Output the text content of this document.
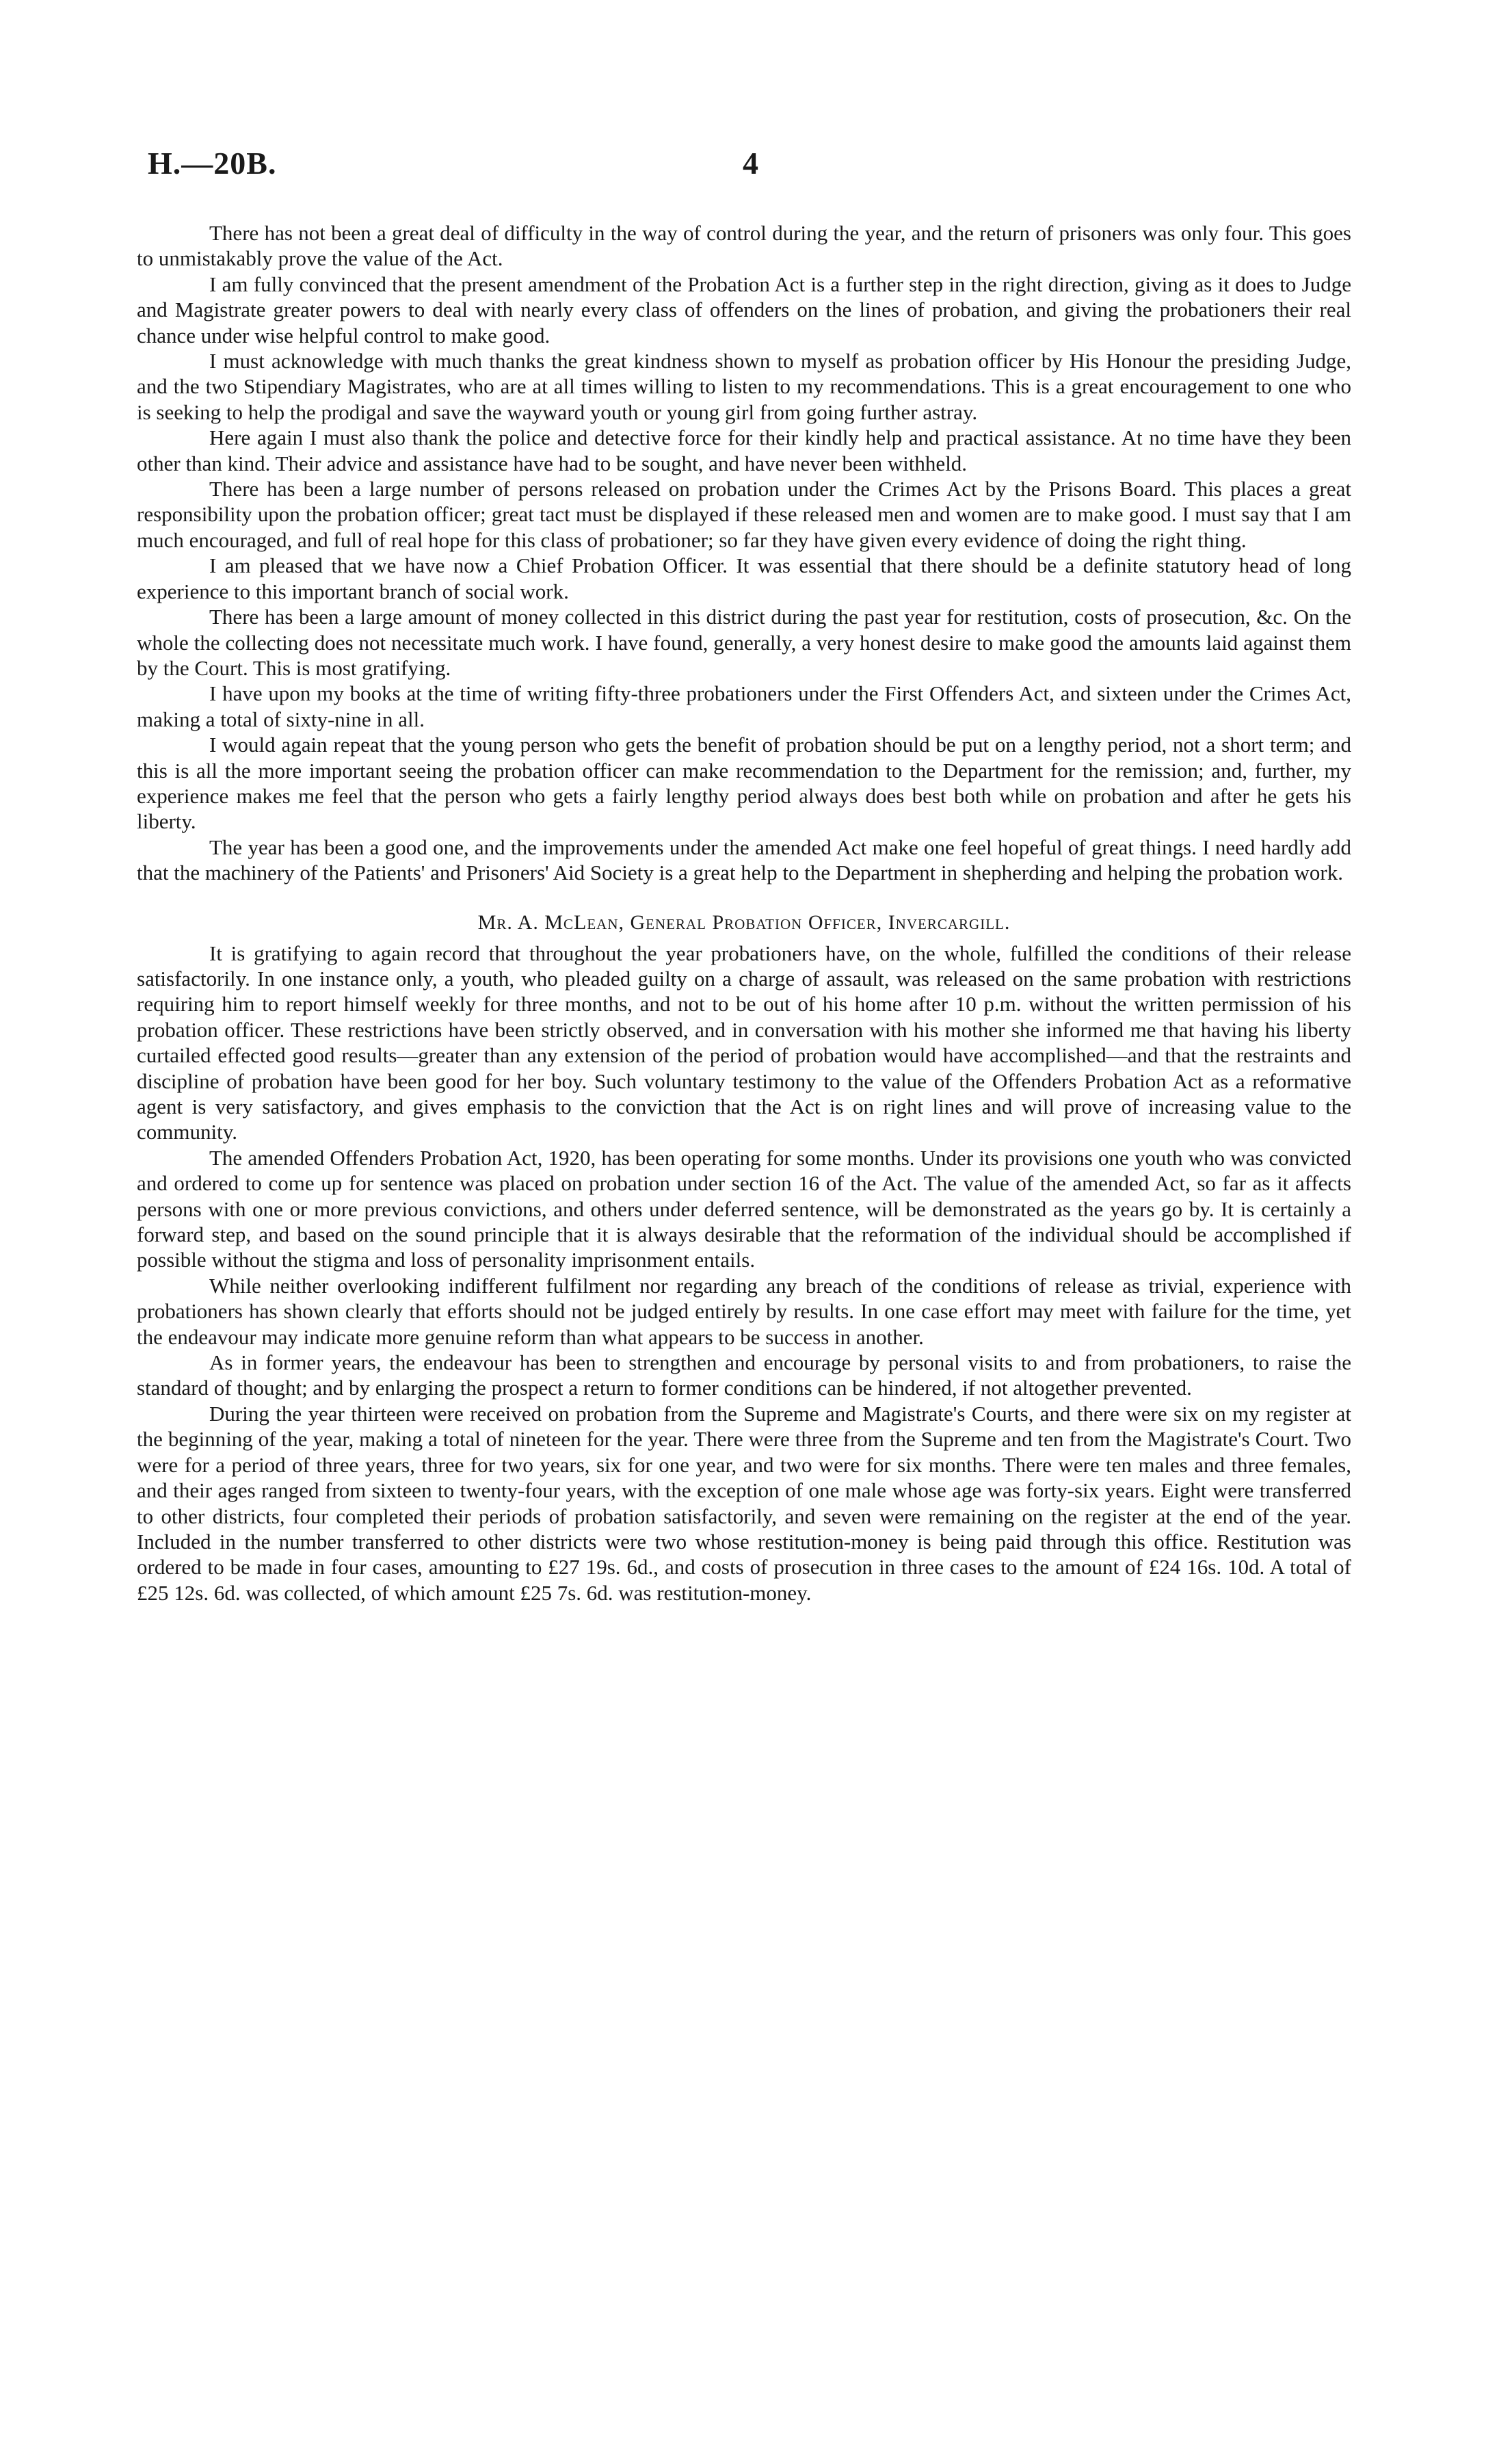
H.—20B.	4

There has not been a great deal of difficulty in the way of control during the year, and the return of prisoners was only four. This goes to unmistakably prove the value of the Act.

I am fully convinced that the present amendment of the Probation Act is a further step in the right direction, giving as it does to Judge and Magistrate greater powers to deal with nearly every class of offenders on the lines of probation, and giving the probationers their real chance under wise helpful control to make good.

I must acknowledge with much thanks the great kindness shown to myself as probation officer by His Honour the presiding Judge, and the two Stipendiary Magistrates, who are at all times willing to listen to my recommendations. This is a great encouragement to one who is seeking to help the prodigal and save the wayward youth or young girl from going further astray.

Here again I must also thank the police and detective force for their kindly help and practical assistance. At no time have they been other than kind. Their advice and assistance have had to be sought, and have never been withheld.

There has been a large number of persons released on probation under the Crimes Act by the Prisons Board. This places a great responsibility upon the probation officer; great tact must be displayed if these released men and women are to make good. I must say that I am much encouraged, and full of real hope for this class of probationer; so far they have given every evidence of doing the right thing.

I am pleased that we have now a Chief Probation Officer. It was essential that there should be a definite statutory head of long experience to this important branch of social work.

There has been a large amount of money collected in this district during the past year for restitution, costs of prosecution, &c. On the whole the collecting does not necessitate much work. I have found, generally, a very honest desire to make good the amounts laid against them by the Court. This is most gratifying.

I have upon my books at the time of writing fifty-three probationers under the First Offenders Act, and sixteen under the Crimes Act, making a total of sixty-nine in all.

I would again repeat that the young person who gets the benefit of probation should be put on a lengthy period, not a short term; and this is all the more important seeing the probation officer can make recommendation to the Department for the remission; and, further, my experience makes me feel that the person who gets a fairly lengthy period always does best both while on probation and after he gets his liberty.

The year has been a good one, and the improvements under the amended Act make one feel hopeful of great things. I need hardly add that the machinery of the Patients' and Prisoners' Aid Society is a great help to the Department in shepherding and helping the probation work.

Mr. A. McLean, General Probation Officer, Invercargill.

It is gratifying to again record that throughout the year probationers have, on the whole, fulfilled the conditions of their release satisfactorily. In one instance only, a youth, who pleaded guilty on a charge of assault, was released on the same probation with restrictions requiring him to report himself weekly for three months, and not to be out of his home after 10 p.m. without the written permission of his probation officer. These restrictions have been strictly observed, and in conversation with his mother she informed me that having his liberty curtailed effected good results—greater than any extension of the period of probation would have accomplished—and that the restraints and discipline of probation have been good for her boy. Such voluntary testimony to the value of the Offenders Probation Act as a reformative agent is very satisfactory, and gives emphasis to the conviction that the Act is on right lines and will prove of increasing value to the community.

The amended Offenders Probation Act, 1920, has been operating for some months. Under its provisions one youth who was convicted and ordered to come up for sentence was placed on probation under section 16 of the Act. The value of the amended Act, so far as it affects persons with one or more previous convictions, and others under deferred sentence, will be demonstrated as the years go by. It is certainly a forward step, and based on the sound principle that it is always desirable that the reformation of the individual should be accomplished if possible without the stigma and loss of personality imprisonment entails.

While neither overlooking indifferent fulfilment nor regarding any breach of the conditions of release as trivial, experience with probationers has shown clearly that efforts should not be judged entirely by results. In one case effort may meet with failure for the time, yet the endeavour may indicate more genuine reform than what appears to be success in another.

As in former years, the endeavour has been to strengthen and encourage by personal visits to and from probationers, to raise the standard of thought; and by enlarging the prospect a return to former conditions can be hindered, if not altogether prevented.

During the year thirteen were received on probation from the Supreme and Magistrate's Courts, and there were six on my register at the beginning of the year, making a total of nineteen for the year. There were three from the Supreme and ten from the Magistrate's Court. Two were for a period of three years, three for two years, six for one year, and two were for six months. There were ten males and three females, and their ages ranged from sixteen to twenty-four years, with the exception of one male whose age was forty-six years. Eight were transferred to other districts, four completed their periods of probation satisfactorily, and seven were remaining on the register at the end of the year. Included in the number transferred to other districts were two whose restitution-money is being paid through this office. Restitution was ordered to be made in four cases, amounting to £27 19s. 6d., and costs of prosecution in three cases to the amount of £24 16s. 10d. A total of £25 12s. 6d. was collected, of which amount £25 7s. 6d. was restitution-money.
